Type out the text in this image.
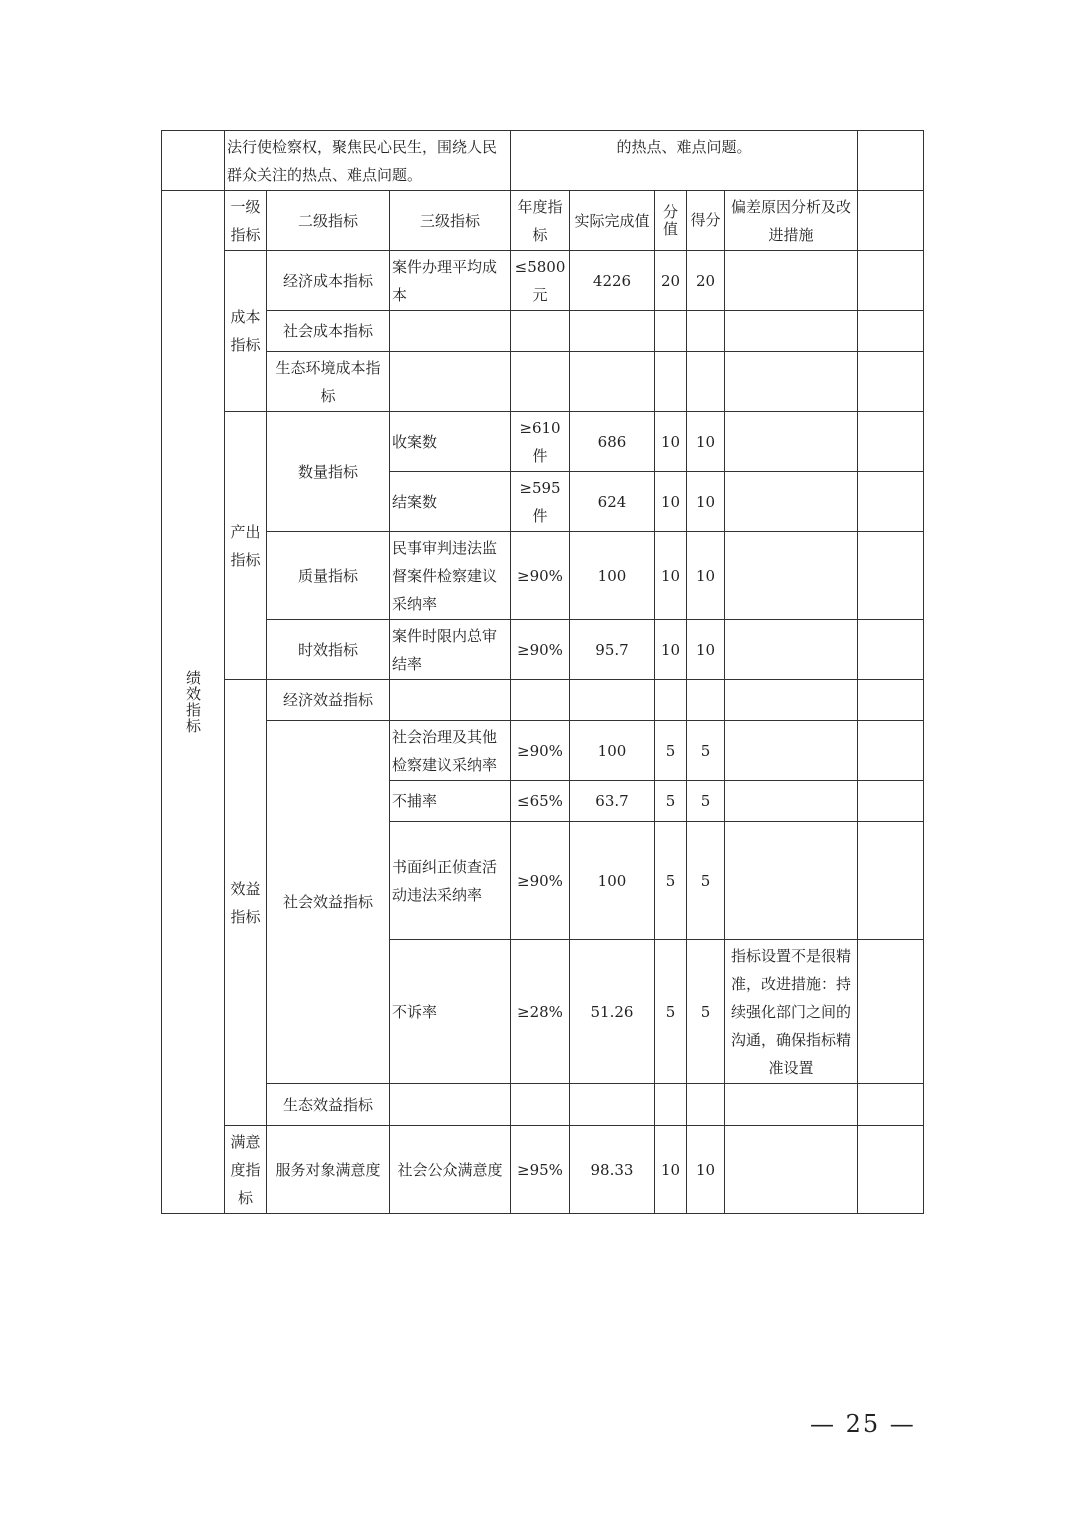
	法行使检察权，聚焦民心民生，围绕人民群众关注的热点、难点问题。			的热点、难点问题。					
绩效指标	一级指标	二级指标	三级指标	年度指标	实际完成值	分值	得分	偏差原因分析及改进措施	
	成本指标	经济成本指标	案件办理平均成本	≤5800元	4226	20	20		
		社会成本指标							
		生态环境成本指标							
	产出指标	数量指标	收案数	≥610件	686	10	10		
			结案数	≥595件	624	10	10		
		质量指标	民事审判违法监督案件检察建议采纳率	≥90%	100	10	10		
		时效指标	案件时限内总审结率	≥90%	95.7	10	10		
	效益指标	经济效益指标							
		社会效益指标	社会治理及其他检察建议采纳率	≥90%	100	5	5		
			不捕率	≤65%	63.7	5	5		
			书面纠正侦查活动违法采纳率	≥90%	100	5	5		
			不诉率	≥28%	51.26	5	5	指标设置不是很精准，改进措施：持续强化部门之间的沟通，确保指标精准设置	
		生态效益指标							
	满意度指标	服务对象满意度	社会公众满意度	≥95%	98.33	10	10		
— 25 —
